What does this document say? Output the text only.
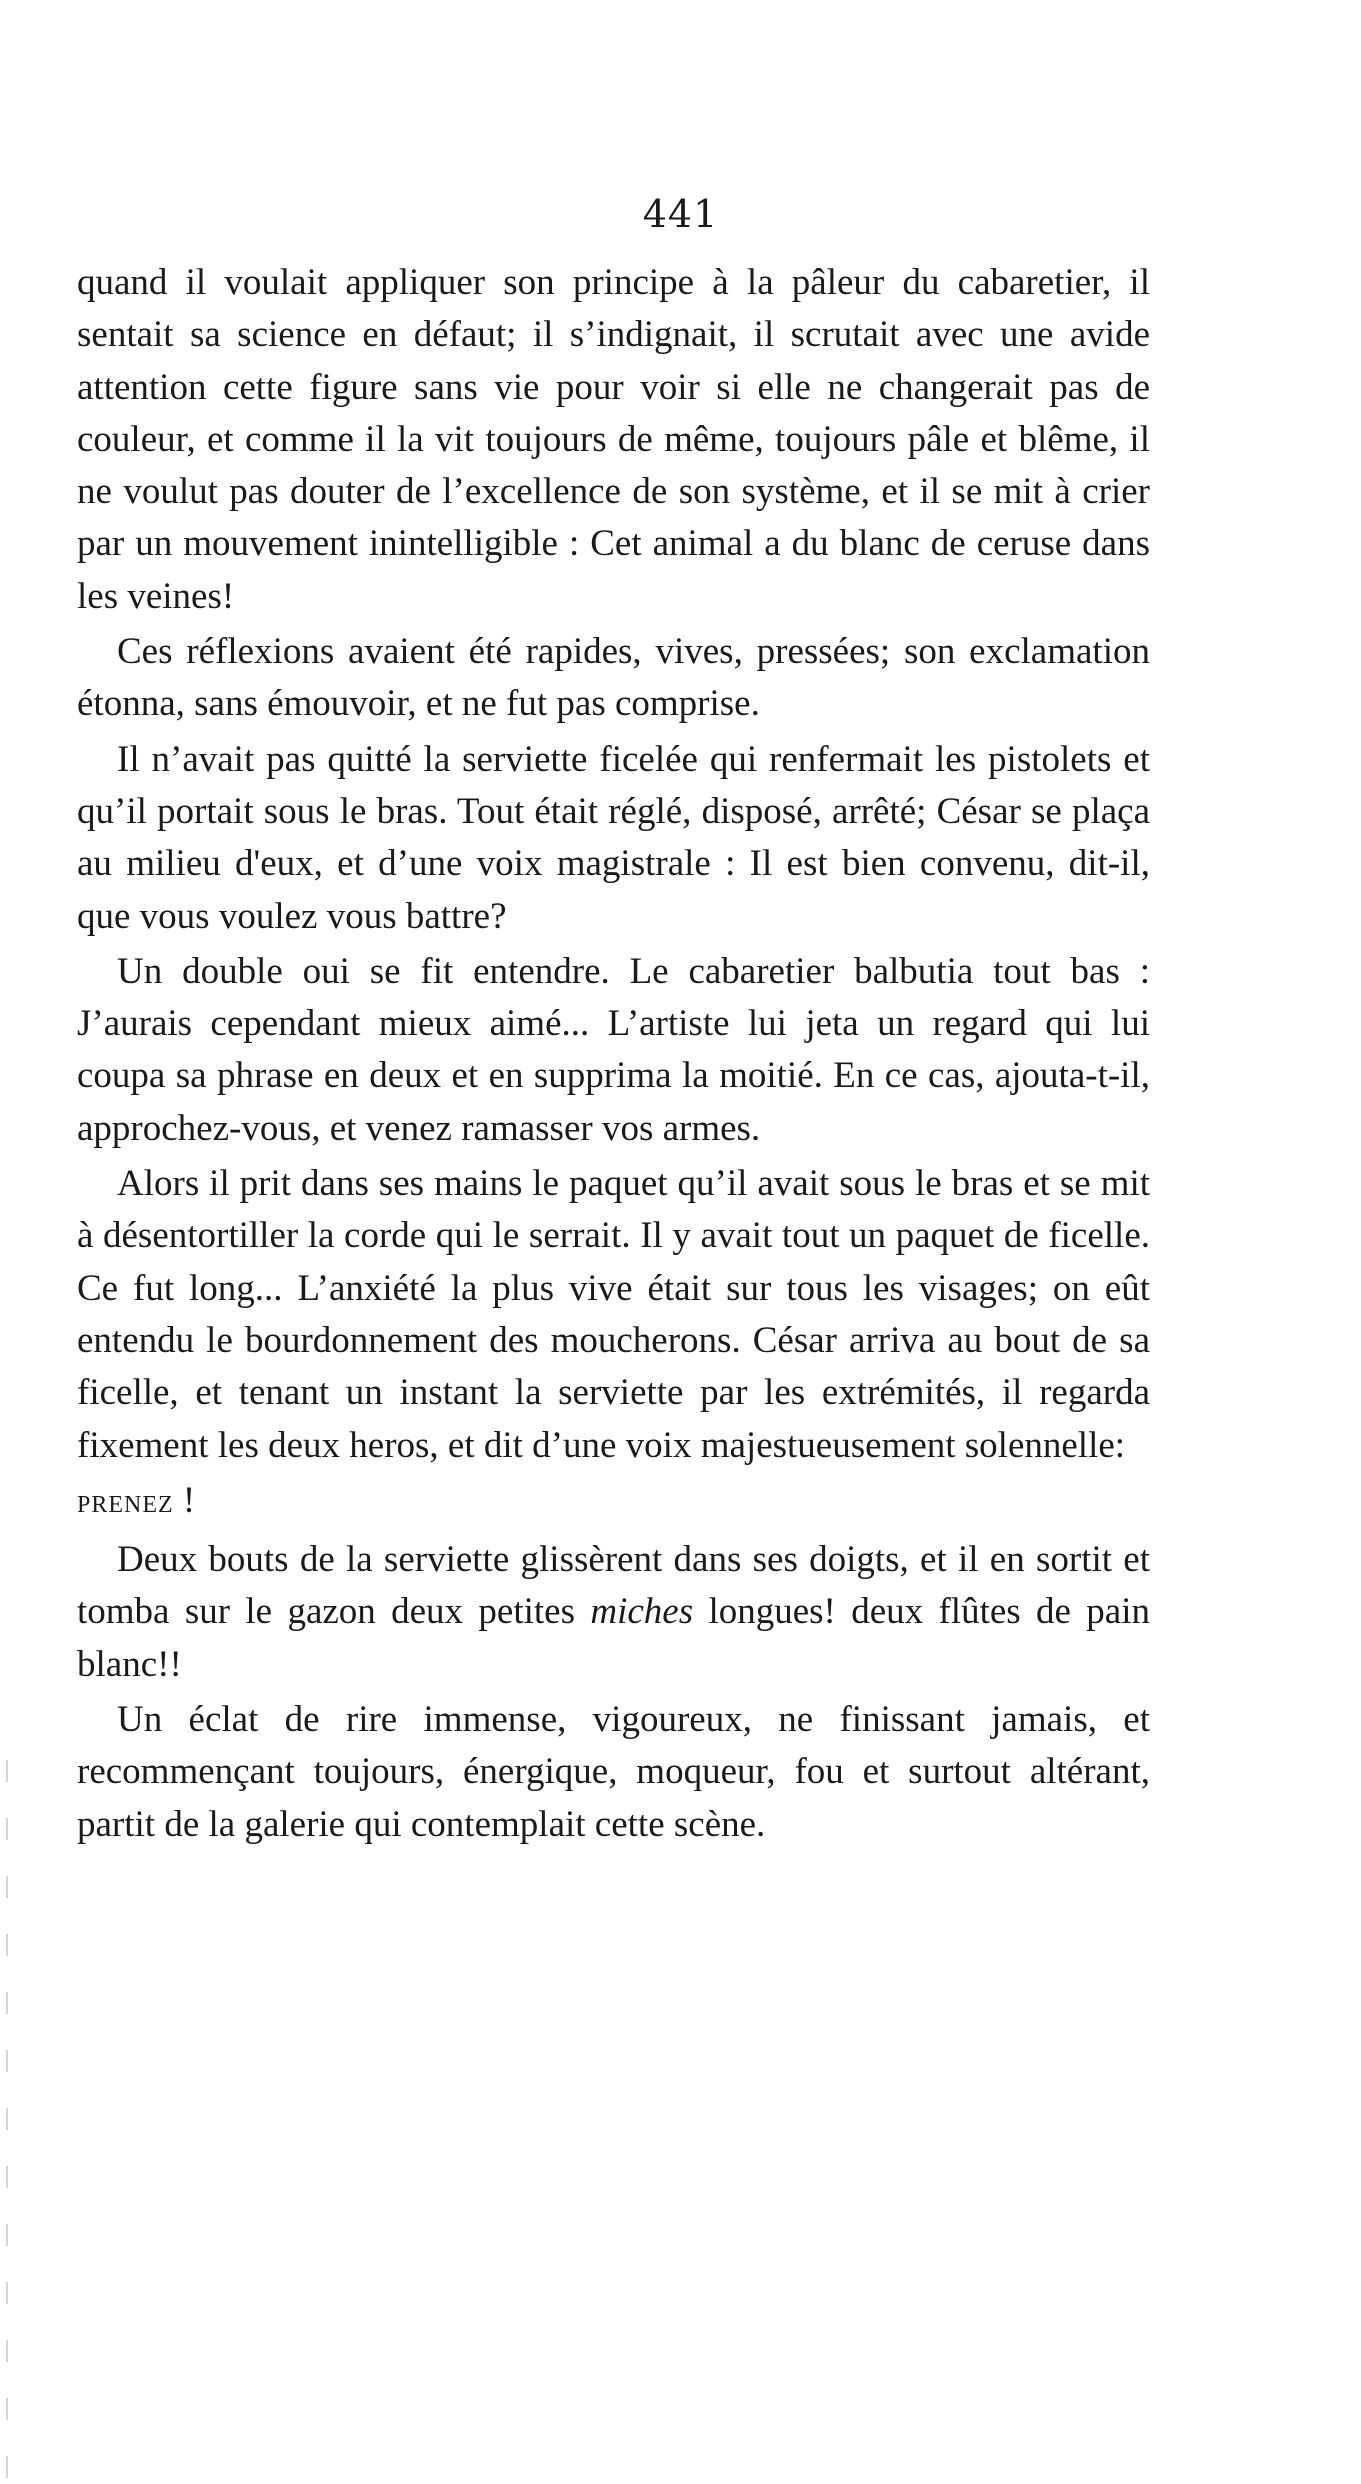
441

quand il voulait appliquer son principe à la pâleur du cabaretier, il sentait sa science en défaut; il s’indignait, il scrutait avec une avide attention cette figure sans vie pour voir si elle ne changerait pas de couleur, et comme il la vit toujours de même, toujours pâle et blême, il ne voulut pas douter de l’excellence de son système, et il se mit à crier par un mouvement inintelligible : Cet animal a du blanc de ceruse dans les veines!

Ces réflexions avaient été rapides, vives, pressées; son exclamation étonna, sans émouvoir, et ne fut pas comprise.

Il n’avait pas quitté la serviette ficelée qui renfermait les pistolets et qu’il portait sous le bras. Tout était réglé, disposé, arrêté; César se plaça au milieu d'eux, et d’une voix magistrale : Il est bien convenu, dit-il, que vous voulez vous battre?

Un double oui se fit entendre. Le cabaretier balbutia tout bas : J’aurais cependant mieux aimé... L’artiste lui jeta un regard qui lui coupa sa phrase en deux et en supprima la moitié. En ce cas, ajouta-t-il, approchez-vous, et venez ramasser vos armes.

Alors il prit dans ses mains le paquet qu’il avait sous le bras et se mit à désentortiller la corde qui le serrait. Il y avait tout un paquet de ficelle. Ce fut long... L’anxiété la plus vive était sur tous les visages; on eût entendu le bourdonnement des moucherons. César arriva au bout de sa ficelle, et tenant un instant la serviette par les extrémités, il regarda fixement les deux heros, et dit d’une voix majestueusement solennelle:

PRENEZ !

Deux bouts de la serviette glissèrent dans ses doigts, et il en sortit et tomba sur le gazon deux petites miches longues! deux flûtes de pain blanc!!

Un éclat de rire immense, vigoureux, ne finissant jamais, et recommençant toujours, énergique, moqueur, fou et surtout altérant, partit de la galerie qui contemplait cette scène.
